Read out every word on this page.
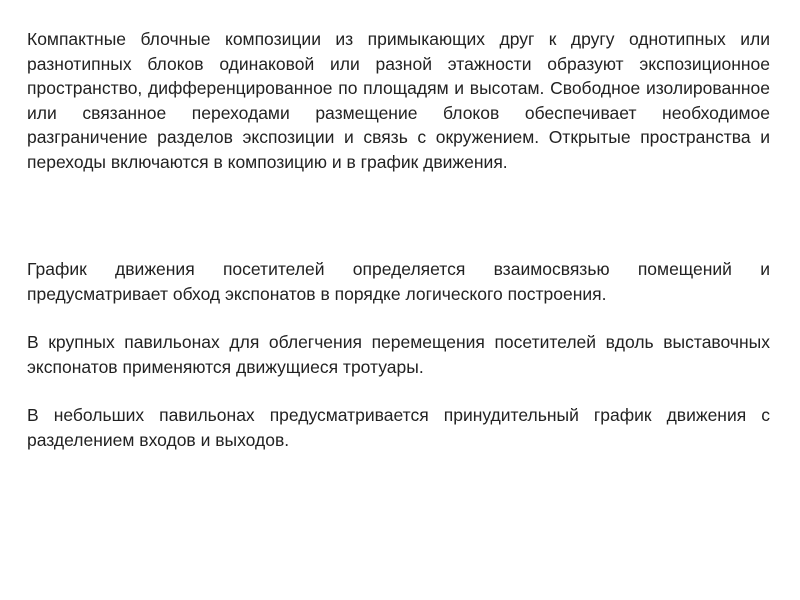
Компактные блочные композиции из примыкающих друг к другу однотипных или разнотипных блоков одинаковой или разной этажности образуют экспозиционное пространство, дифференцированное по площадям и высотам. Свободное изолированное или связанное переходами размещение блоков обеспечивает необходимое разграничение разделов экспозиции и связь с окружением. Открытые пространства и переходы включаются в композицию и в график движения.

График движения посетителей определяется взаимосвязью помещений и предусматривает обход экспонатов в порядке логического построения.

В крупных павильонах для облегчения перемещения посетителей вдоль выставочных экспонатов применяются движущиеся тротуары.

В небольших павильонах предусматривается принудительный график движения с разделением входов и выходов.
